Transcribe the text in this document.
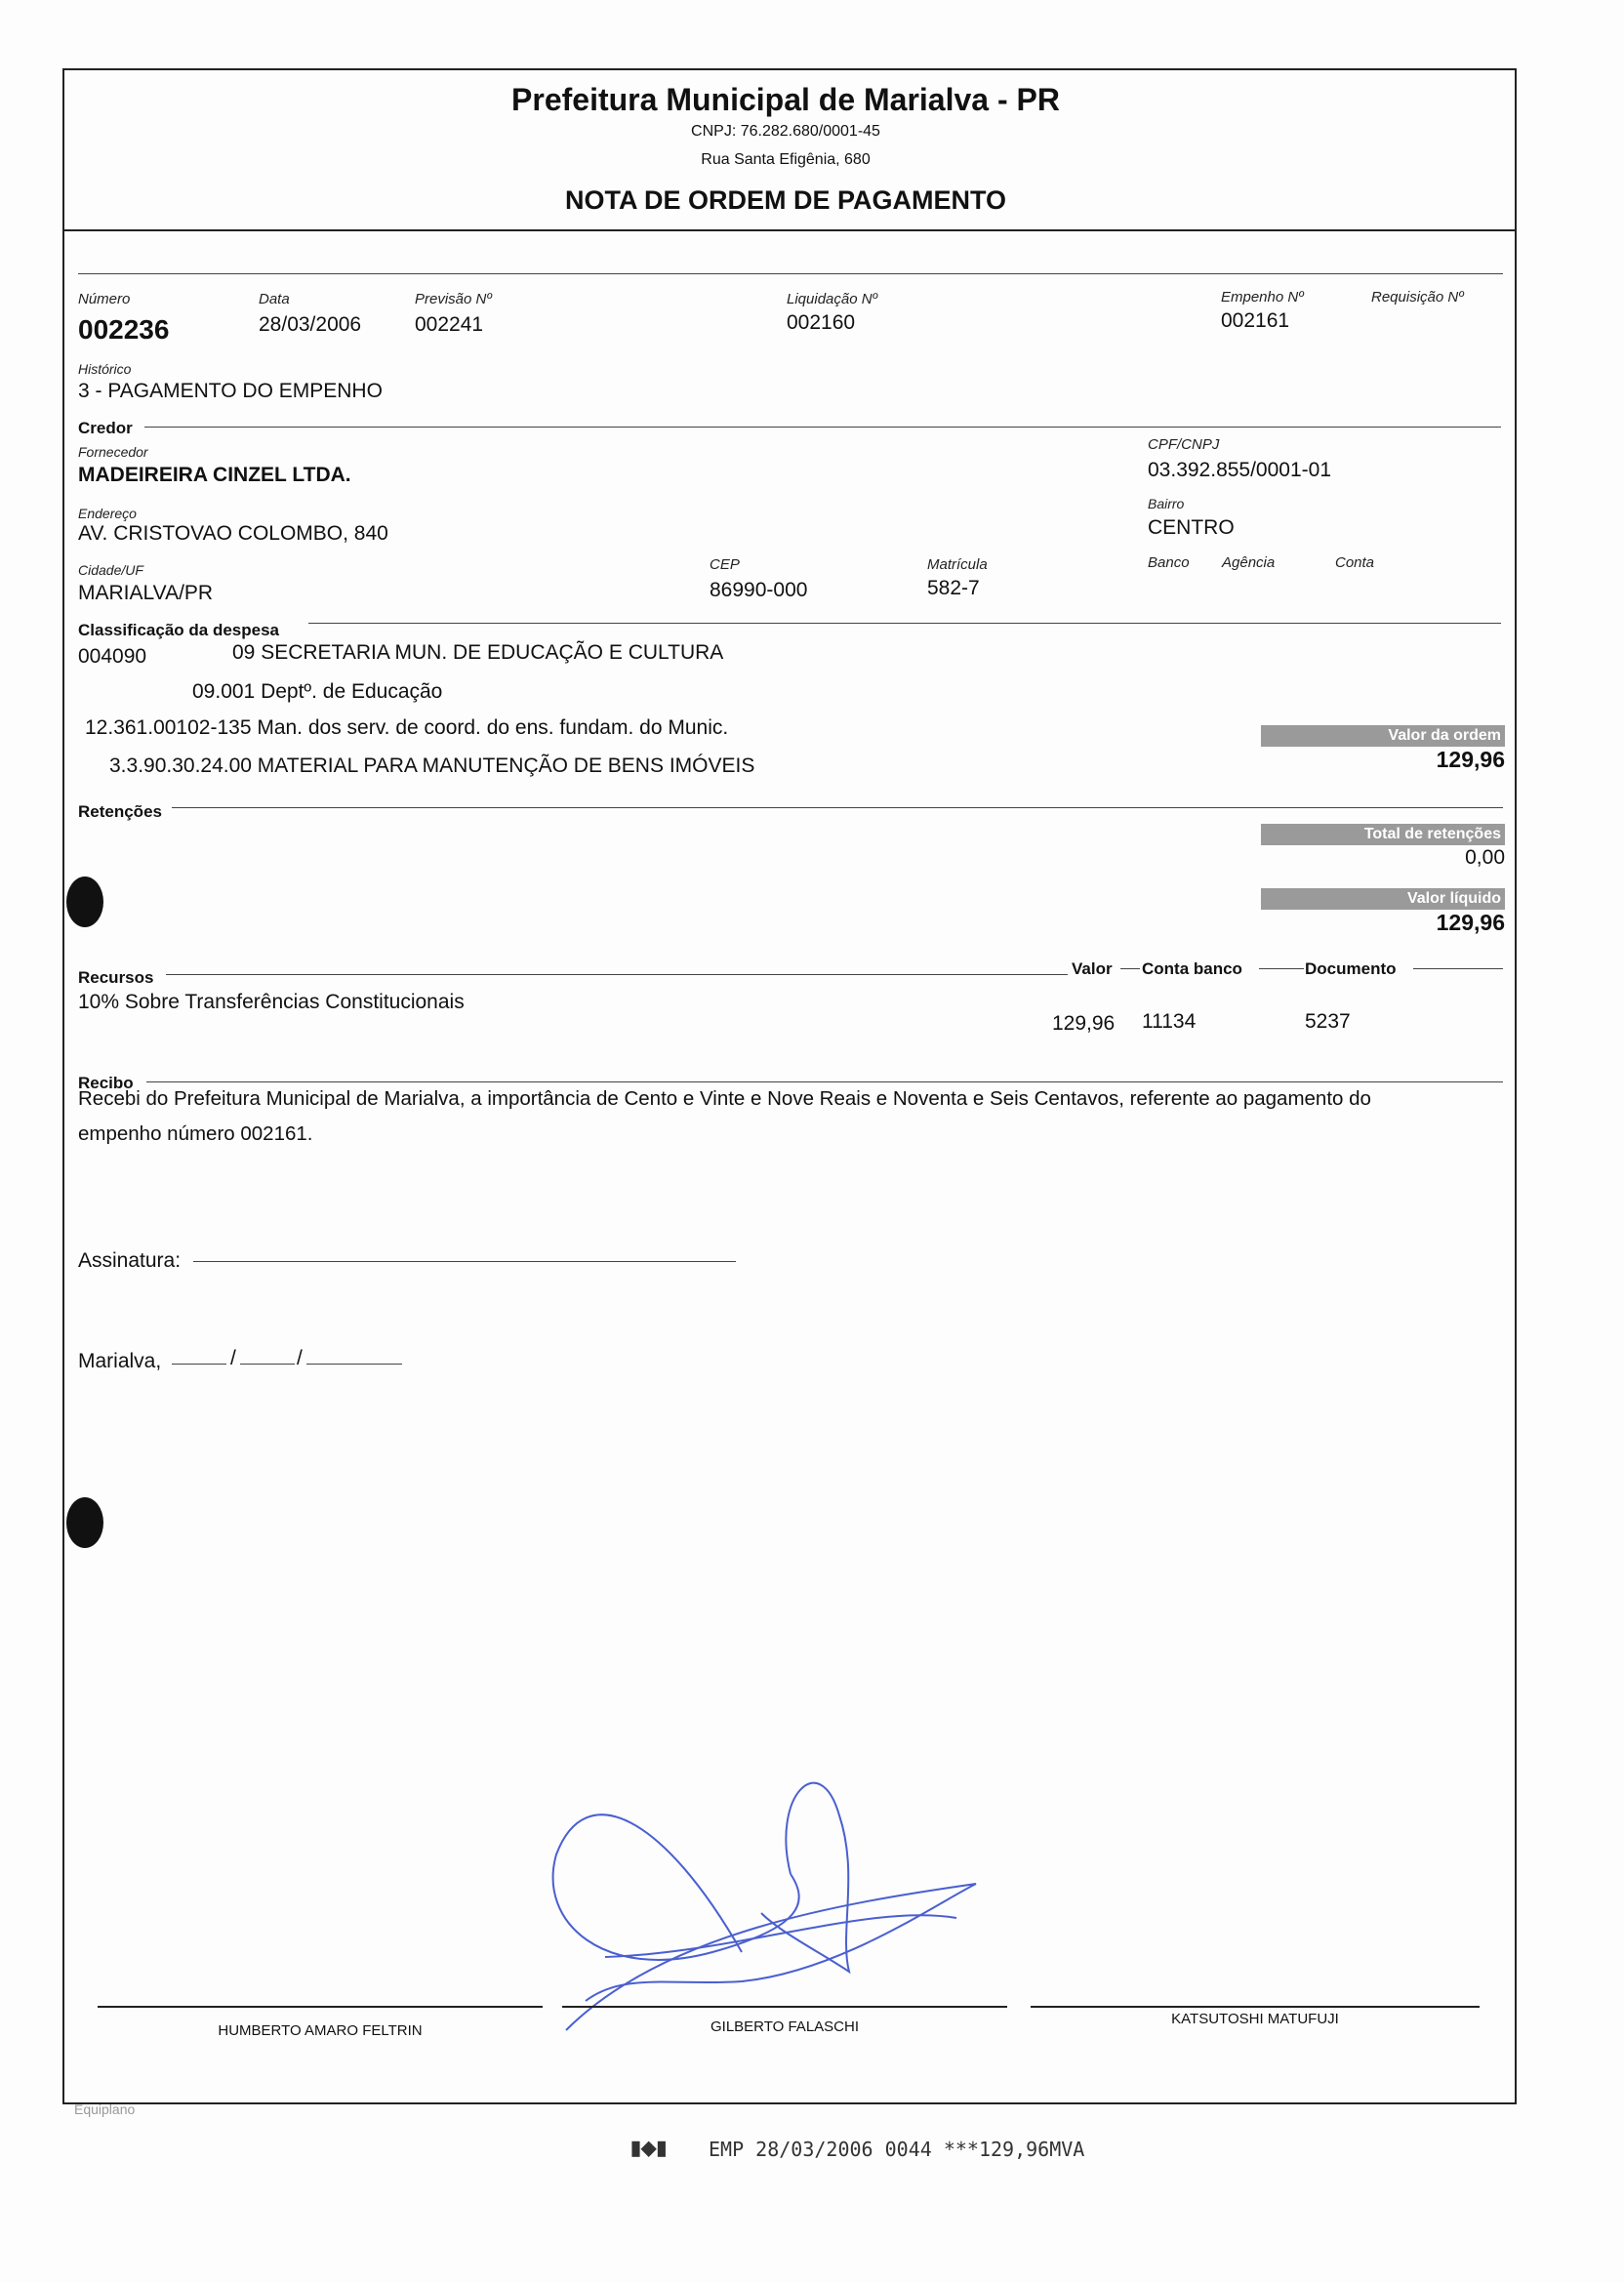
Prefeitura Municipal de Marialva - PR
CNPJ: 76.282.680/0001-45
Rua Santa Efigênia, 680
NOTA DE ORDEM DE PAGAMENTO
Número
002236
Data
28/03/2006
Previsão Nº
002241
Liquidação Nº
002160
Empenho Nº
002161
Requisição Nº
Histórico
3 - PAGAMENTO DO EMPENHO
Credor
Fornecedor
MADEIREIRA CINZEL LTDA.
CPF/CNPJ
03.392.855/0001-01
Endereço
AV. CRISTOVAO COLOMBO, 840
Bairro
CENTRO
Cidade/UF
MARIALVA/PR
CEP
86990-000
Matrícula
582-7
Banco Agência	Conta
Classificação da despesa
004090	09 SECRETARIA MUN. DE EDUCAÇÃO E CULTURA
09.001 Deptº. de Educação
12.361.00102-135 Man. dos serv. de coord. do ens. fundam. do Munic.
3.3.90.30.24.00 MATERIAL PARA MANUTENÇÃO DE BENS IMÓVEIS
Valor da ordem
129,96
Retenções
Total de retenções
0,00
Valor líquido
129,96
Recursos	Valor Conta banco	Documento
10% Sobre Transferências Constitucionais
129,96 11134	5237
Recibo
Recebi do Prefeitura Municipal de Marialva, a importância de Cento e Vinte e Nove Reais e Noventa e Seis Centavos, referente ao pagamento do
empenho número 002161.
Assinatura:
Marialva,	/	/
HUMBERTO AMARO FELTRIN	GILBERTO FALASCHI	KATSUTOSHI MATUFUJI
Equiplano
▮◆▮ EMP 28/03/2006 0044 ***129,96MVA
